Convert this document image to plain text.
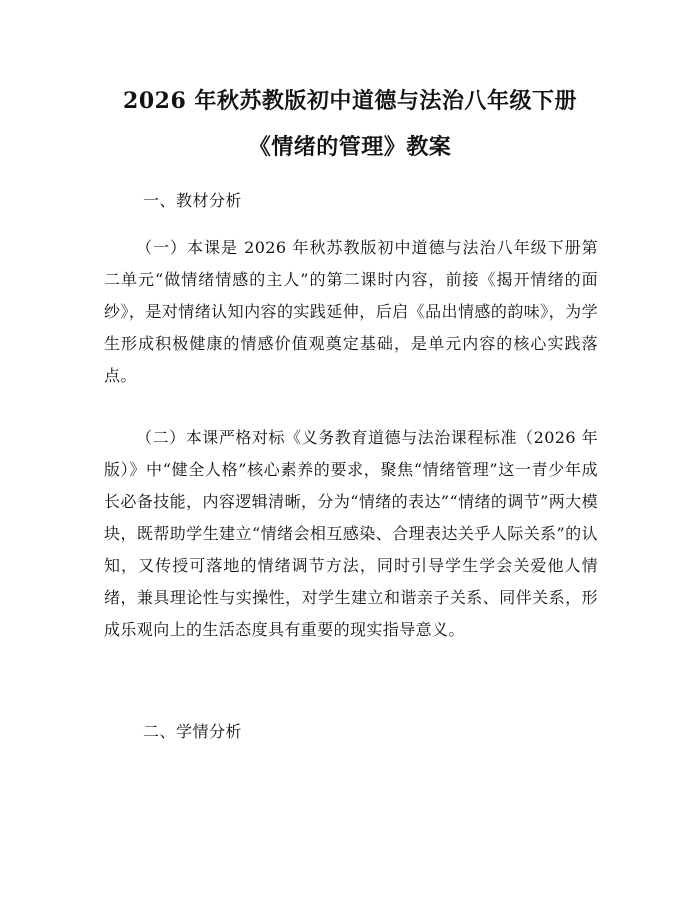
2026 年秋苏教版初中道德与法治八年级下册
《情绪的管理》教案
一、教材分析
（一）本课是 2026 年秋苏教版初中道德与法治八年级下册第二单元“做情绪情感的主人”的第二课时内容，前接《揭开情绪的面纱》，是对情绪认知内容的实践延伸，后启《品出情感的韵味》，为学生形成积极健康的情感价值观奠定基础，是单元内容的核心实践落点。
（二）本课严格对标《义务教育道德与法治课程标准（2026 年版）》中“健全人格”核心素养的要求，聚焦“情绪管理”这一青少年成长必备技能，内容逻辑清晰，分为“情绪的表达”“情绪的调节”两大模块，既帮助学生建立“情绪会相互感染、合理表达关乎人际关系”的认知，又传授可落地的情绪调节方法，同时引导学生学会关爱他人情绪，兼具理论性与实操性，对学生建立和谐亲子关系、同伴关系，形成乐观向上的生活态度具有重要的现实指导意义。
二、学情分析
